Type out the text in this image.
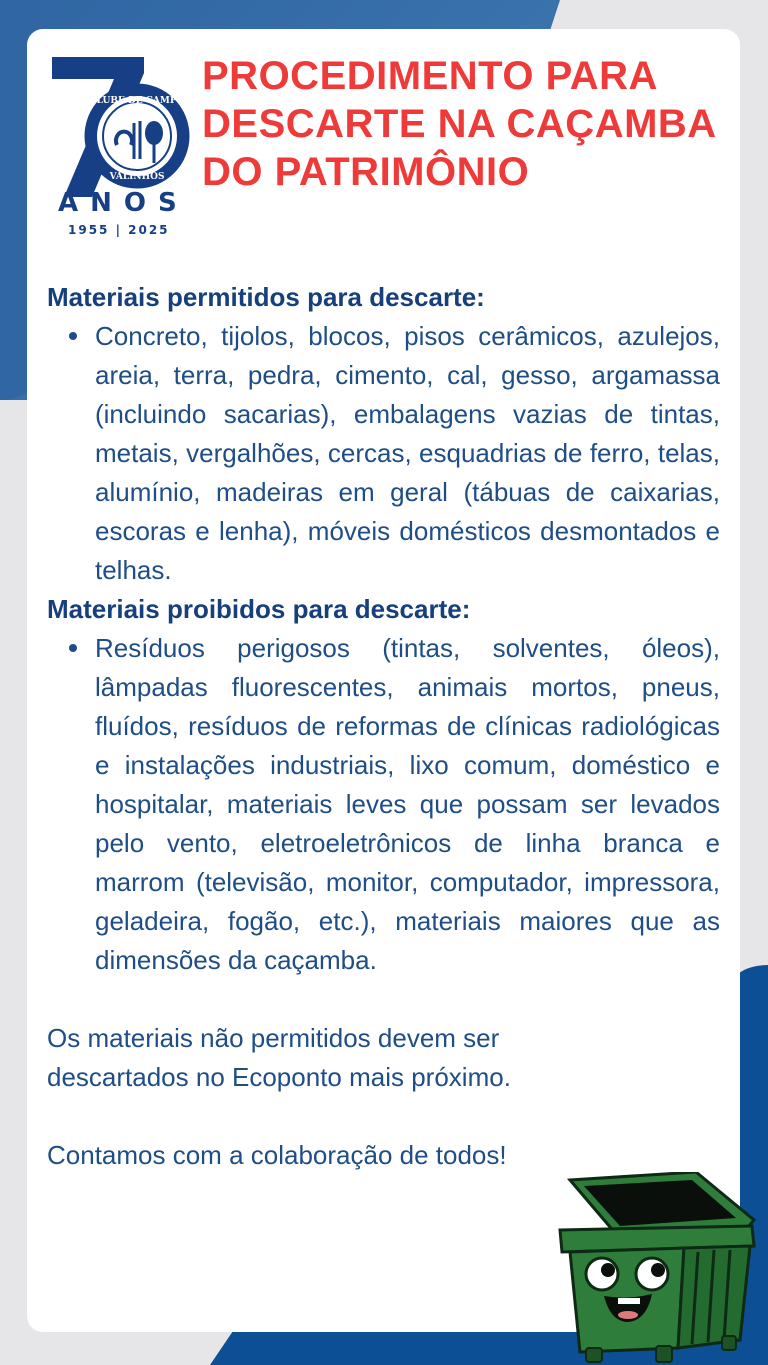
CLUBE DE CAMPO
VALINHOS
ANOS
1955 | 2025
PROCEDIMENTO PARA
DESCARTE NA CAÇAMBA
DO PATRIMÔNIO
Materiais permitidos para descarte:
Concreto, tijolos, blocos, pisos cerâmicos, azulejos, areia, terra, pedra, cimento, cal, gesso, argamassa (incluindo sacarias), embalagens vazias de tintas, metais, vergalhões, cercas, esquadrias de ferro, telas, alumínio, madeiras em geral (tábuas de caixarias, escoras e lenha), móveis domésticos desmontados e telhas.
Materiais proibidos para descarte:
Resíduos perigosos (tintas, solventes, óleos), lâmpadas fluorescentes, animais mortos, pneus, fluídos, resíduos de reformas de clínicas radiológicas e instalações industriais, lixo comum, doméstico e hospitalar, materiais leves que possam ser levados pelo vento, eletroeletrônicos de linha branca e marrom (televisão, monitor, computador, impressora, geladeira, fogão, etc.), materiais maiores que as dimensões da caçamba.
Os materiais não permitidos devem ser descartados no Ecoponto mais próximo.
Contamos com a colaboração de todos!
